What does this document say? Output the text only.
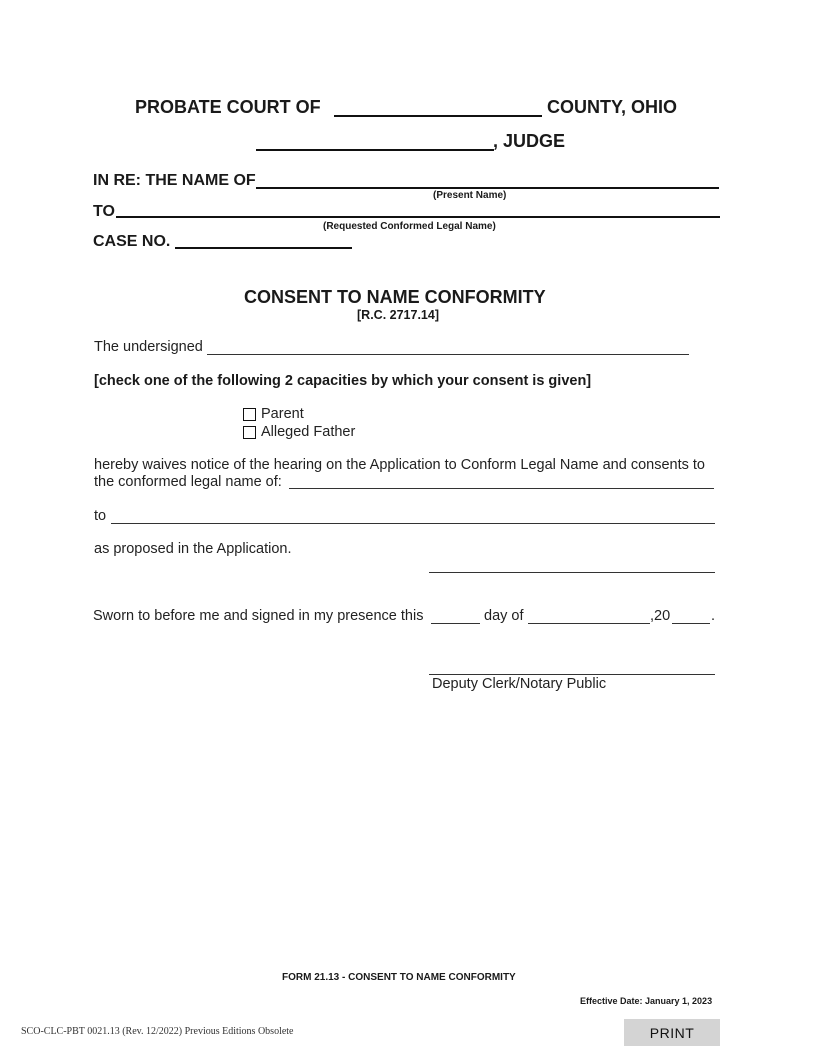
PROBATE COURT OF	COUNTY, OHIO
, JUDGE
IN RE: THE NAME OF
(Present Name)
TO
(Requested Conformed Legal Name)
CASE NO.
CONSENT TO NAME CONFORMITY
[R.C. 2717.14]
The undersigned
[check one of the following 2 capacities by which your consent is given]
Parent
Alleged Father
hereby waives notice of the hearing on the Application to Conform Legal Name and consents to
the conformed legal name of:
to
as proposed in the Application.
Sworn to before me and signed in my presence this	day of	,20	.
Deputy Clerk/Notary Public
FORM 21.13 - CONSENT TO NAME CONFORMITY
Effective Date: January 1, 2023
SCO-CLC-PBT 0021.13 (Rev. 12/2022) Previous Editions Obsolete	PRINT
